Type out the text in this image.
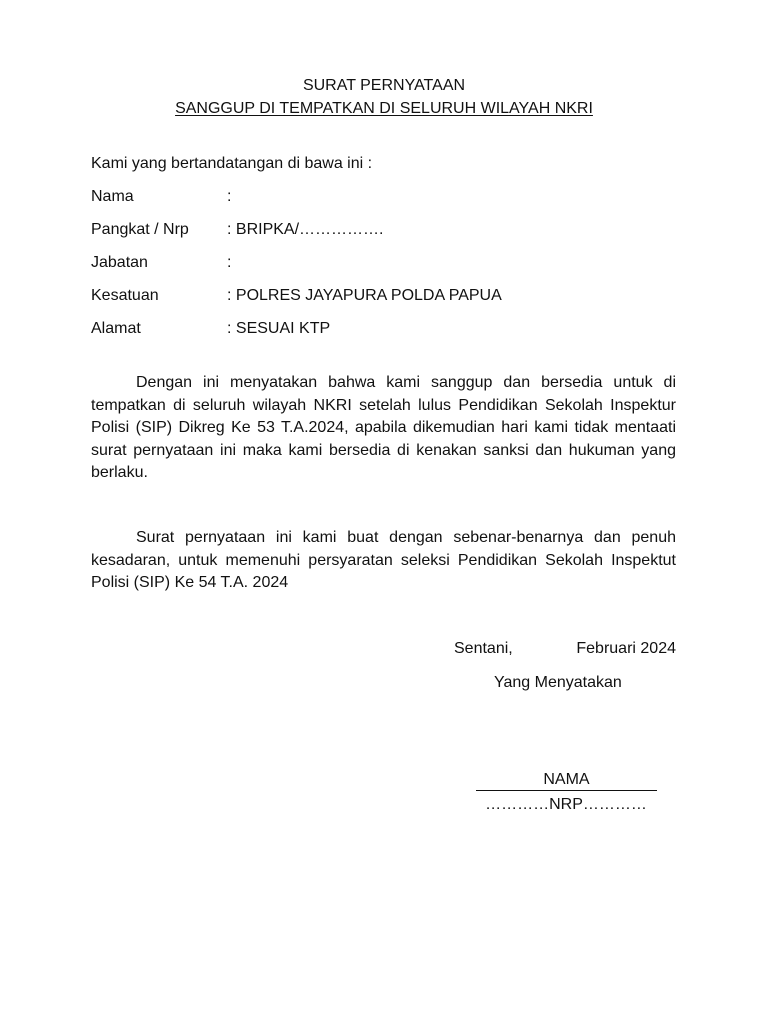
SURAT PERNYATAAN
SANGGUP DI TEMPATKAN DI SELURUH WILAYAH NKRI
Kami yang bertandatangan di bawa ini :
Nama	:
Pangkat / Nrp	: BRIPKA/…………….
Jabatan	:
Kesatuan	: POLRES JAYAPURA POLDA PAPUA
Alamat	: SESUAI KTP
Dengan ini menyatakan bahwa kami sanggup dan bersedia untuk di tempatkan di seluruh wilayah NKRI setelah lulus Pendidikan Sekolah Inspektur Polisi (SIP) Dikreg Ke 53 T.A.2024, apabila dikemudian hari kami tidak mentaati surat pernyataan ini maka kami bersedia di kenakan sanksi dan hukuman yang berlaku.
Surat pernyataan ini kami buat dengan sebenar-benarnya dan penuh kesadaran, untuk memenuhi persyaratan seleksi Pendidikan Sekolah Inspektut Polisi (SIP) Ke 54 T.A. 2024
Sentani,	Februari 2024
Yang Menyatakan
NAMA
…………NRP…………
